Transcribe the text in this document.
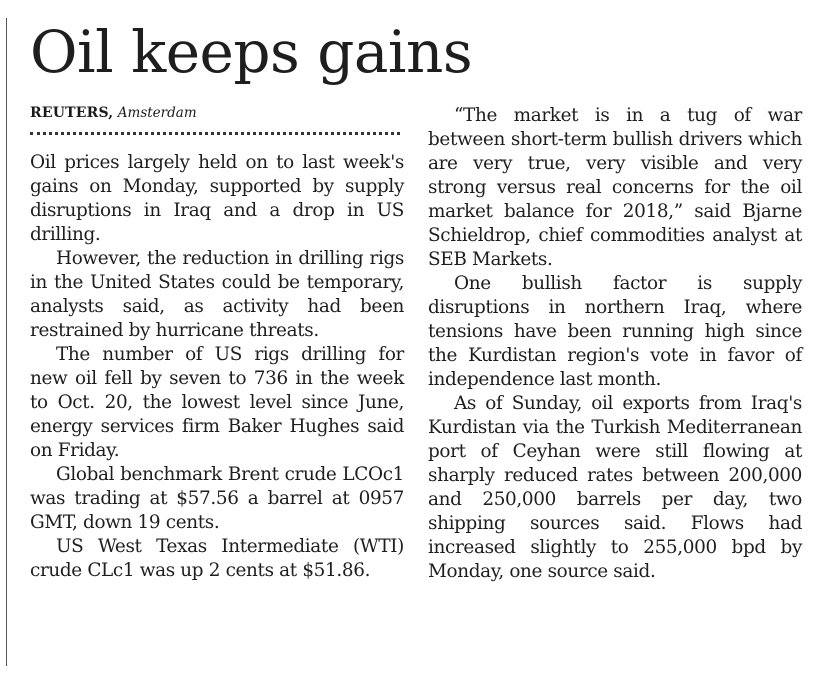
Oil keeps gains
REUTERS, Amsterdam

Oil prices largely held on to last week's gains on Monday, supported by supply disruptions in Iraq and a drop in US drilling.

However, the reduction in drilling rigs in the United States could be temporary, analysts said, as activity had been restrained by hurricane threats.

The number of US rigs drilling for new oil fell by seven to 736 in the week to Oct. 20, the lowest level since June, energy services firm Baker Hughes said on Friday.

Global benchmark Brent crude LCOc1 was trading at $57.56 a barrel at 0957 GMT, down 19 cents.

US West Texas Intermediate (WTI) crude CLc1 was up 2 cents at $51.86.

“The market is in a tug of war between short-term bullish drivers which are very true, very visible and very strong versus real concerns for the oil market balance for 2018,” said Bjarne Schieldrop, chief commodities analyst at SEB Markets.

One bullish factor is supply disruptions in northern Iraq, where tensions have been running high since the Kurdistan region's vote in favor of independence last month.

As of Sunday, oil exports from Iraq's Kurdistan via the Turkish Mediterranean port of Ceyhan were still flowing at sharply reduced rates between 200,000 and 250,000 barrels per day, two shipping sources said. Flows had increased slightly to 255,000 bpd by Monday, one source said.
